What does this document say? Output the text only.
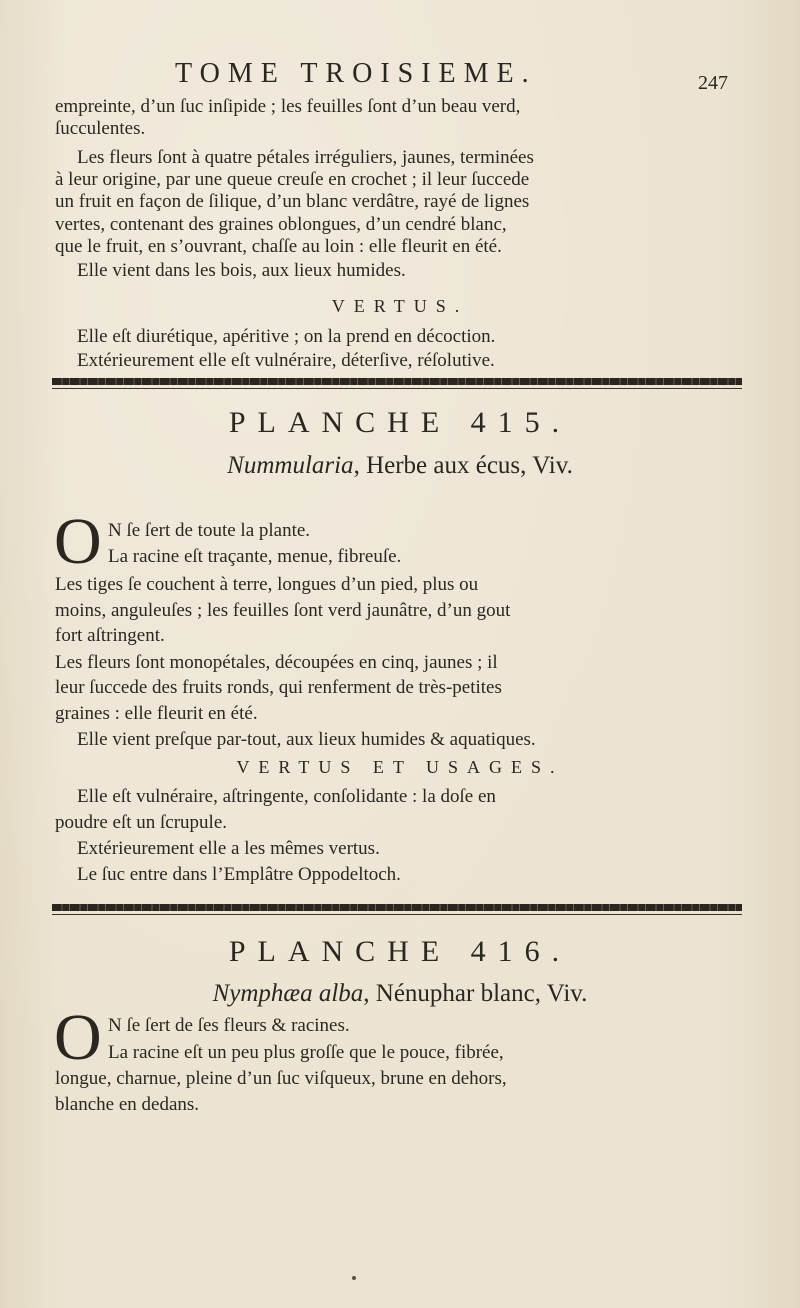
TOME TROISIEME.	247
empreinte, d’un ſuc inſipide ; les feuilles ſont d’un beau verd,
ſucculentes.
Les fleurs ſont à quatre pétales irréguliers, jaunes, terminées
à leur origine, par une queue creuſe en crochet ; il leur ſuccede
un fruit en façon de ſilique, d’un blanc verdâtre, rayé de lignes
vertes, contenant des graines oblongues, d’un cendré blanc,
que le fruit, en s’ouvrant, chaſſe au loin : elle fleurit en été.
Elle vient dans les bois, aux lieux humides.
VERTUS.
Elle eſt diurétique, apéritive ; on la prend en décoction.
Extérieurement elle eſt vulnéraire, déterſive, réſolutive.
PLANCHE 415.
Nummularia, Herbe aux écus, Viv.
O N ſe ſert de toute la plante.
La racine eſt traçante, menue, fibreuſe.
Les tiges ſe couchent à terre, longues d’un pied, plus ou
moins, anguleuſes ; les feuilles ſont verd jaunâtre, d’un gout
fort aſtringent.
Les fleurs ſont monopétales, découpées en cinq, jaunes ; il
leur ſuccede des fruits ronds, qui renferment de très-petites
graines : elle fleurit en été.
Elle vient preſque par-tout, aux lieux humides & aquatiques.
VERTUS ET USAGES.
Elle eſt vulnéraire, aſtringente, conſolidante : la doſe en
poudre eſt un ſcrupule.
Extérieurement elle a les mêmes vertus.
Le ſuc entre dans l’Emplâtre Oppodeltoch.
PLANCHE 416.
Nymphæa alba, Nénuphar blanc, Viv.
O N ſe ſert de ſes fleurs & racines.
La racine eſt un peu plus groſſe que le pouce, fibrée,
longue, charnue, pleine d’un ſuc viſqueux, brune en dehors,
blanche en dedans.
